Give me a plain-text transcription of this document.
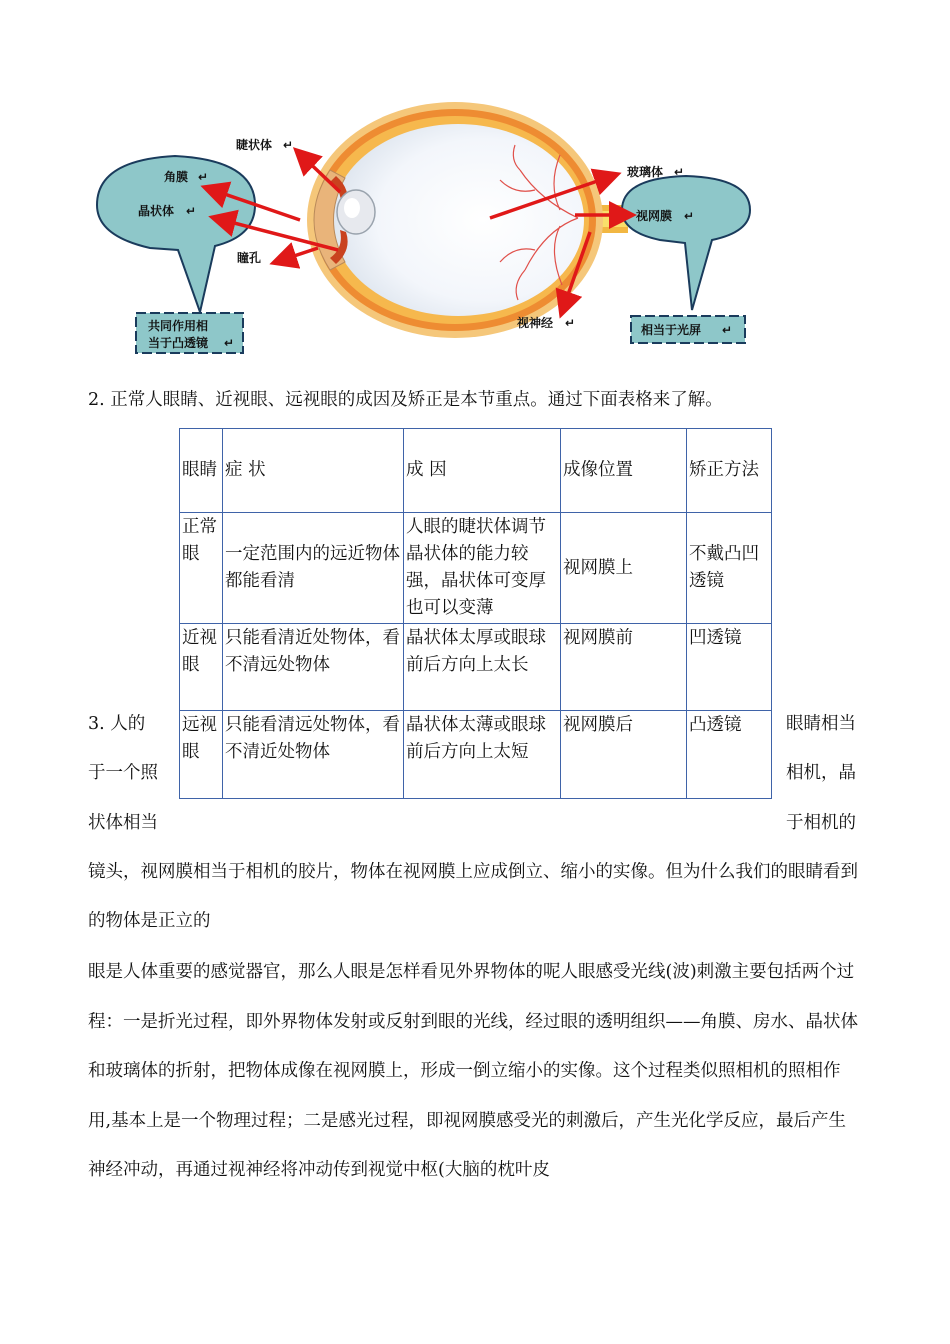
睫状体 ↵
角膜 ↵
晶状体 ↵
瞳孔
玻璃体 ↵
视网膜 ↵
视神经 ↵
共同作用相
当于凸透镜 ↵
相当于光屏 ↵

2. 正常人眼睛、近视眼、远视眼的成因及矫正是本节重点。通过下面表格来了解。

眼睛	症 状	成 因	成像位置	矫正方法
正常眼	一定范围内的远近物体都能看清	人眼的睫状体调节晶状体的能力较强，晶状体可变厚也可以变薄	视网膜上	不戴凸凹透镜
近视眼	只能看清近处物体，看不清远处物体	晶状体太厚或眼球前后方向上太长	视网膜前	凹透镜
远视眼	只能看清远处物体，看不清近处物体	晶状体太薄或眼球前后方向上太短	视网膜后	凸透镜
3. 人的	眼睛相当
于一个照	相机，晶
状体相当	于相机的

镜头，视网膜相当于相机的胶片，物体在视网膜上应成倒立、缩小的实像。但为什么我们的眼睛看到的物体是正立的

眼是人体重要的感觉器官，那么人眼是怎样看见外界物体的呢人眼感受光线(波)刺激主要包括两个过程：一是折光过程，即外界物体发射或反射到眼的光线，经过眼的透明组织——角膜、房水、晶状体和玻璃体的折射，把物体成像在视网膜上，形成一倒立缩小的实像。这个过程类似照相机的照相作用,基本上是一个物理过程；二是感光过程，即视网膜感受光的刺激后，产生光化学反应，最后产生神经冲动，再通过视神经将冲动传到视觉中枢(大脑的枕叶皮
